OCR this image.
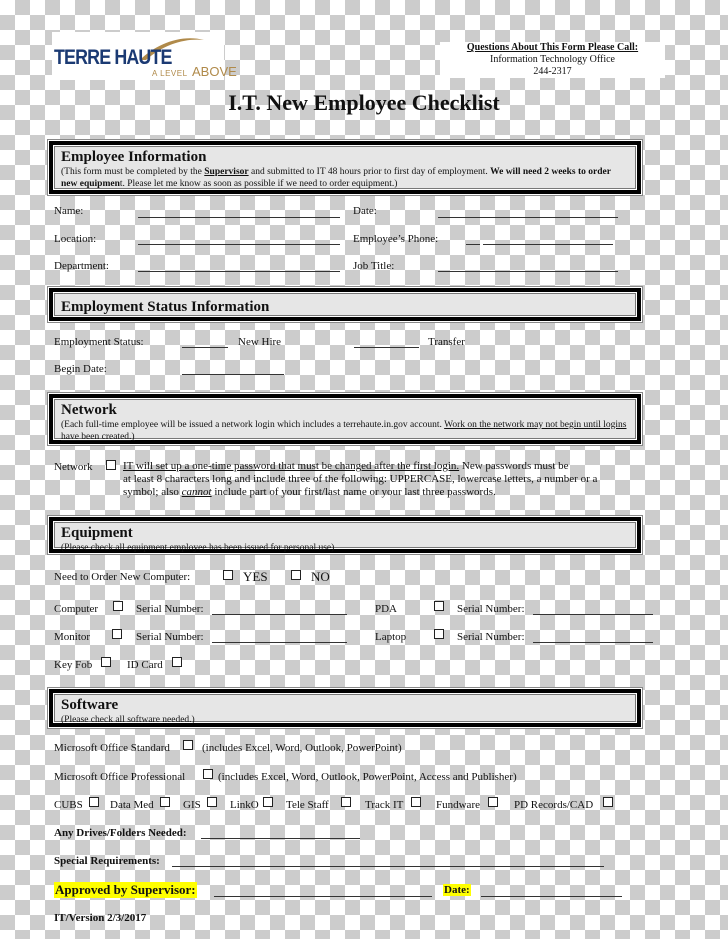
TERRE HAUTE
A LEVEL ABOVE
Questions About This Form Please Call:
Information Technology Office
244-2317
I.T. New Employee Checklist
Employee Information
(This form must be completed by the Supervisor and submitted to IT 48 hours prior to first day of employment. We will need 2 weeks to order new equipment. Please let me know as soon as possible if we need to order equipment.)
Name:	Date:
Location:	Employee’s Phone:
Department:	Job Title:
Employment Status Information
Employment Status:	New Hire	Transfer
Begin Date:
Network
(Each full-time employee will be issued a network login which includes a terrehaute.in.gov account. Work on the network may not begin until logins have been created.)
Network	IT will set up a one-time password that must be changed after the first login. New passwords must be
at least 8 characters long and include three of the following: UPPERCASE, lowercase letters, a number or a
symbol; also cannot include part of your first/last name or your last three passwords.
Equipment
(Please check all equipment employee has been issued for personal use)
Need to Order New Computer:	YES	NO
Computer	Serial Number:	PDA	Serial Number:
Monitor	Serial Number:	Laptop	Serial Number:
Key Fob	ID Card
Software
(Please check all software needed.)
Microsoft Office Standard	(includes Excel, Word, Outlook, PowerPoint)
Microsoft Office Professional	(includes Excel, Word, Outlook, PowerPoint, Access and Publisher)
CUBS Data Med	GIS	LinkO Tele Staff	Track IT	Fundware	PD Records/CAD
Any Drives/Folders Needed:
Special Requirements:
Approved by Supervisor:	Date:
IT/Version 2/3/2017
